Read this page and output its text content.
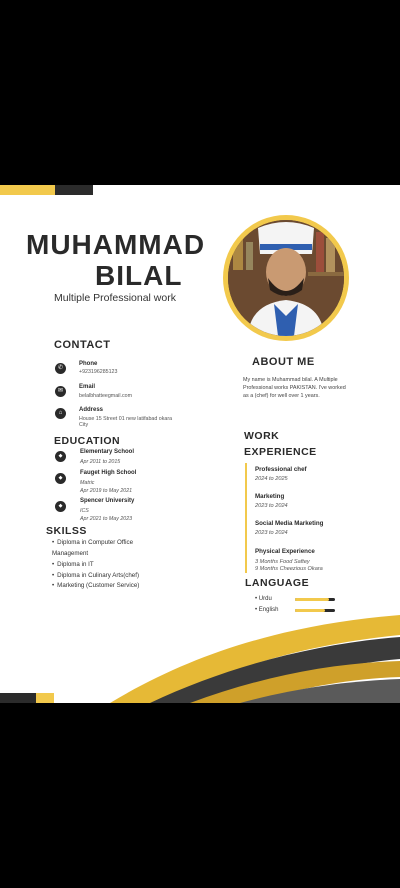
MUHAMMAD
BILAL
Multiple Professional work
CONTACT
✆
Phone
+923196285123
✉
Email
belalbhatteegmail.com
⌂	Address
House 15 Street 01 new latifabad okara City
EDUCATION
◆
Elementary School
Apr 2011 to 2015
◆
Fauget High School
Matric
Apr 2019 to May 2021
◆
Spencer University
ICS
Apr 2021 to May 2023
SKILSS
• Diploma in Computer Office Management
• Diploma in IT
• Diploma in Culinary Arts(chef)
• Marketing (Customer Service)
ABOUT ME
My name is Muhammad bilal. A Multiple Professional works PAKISTAN. I've worked as a (chef) for well over 1 years.
WORK EXPERIENCE
Professional chef
2024 to 2025
Marketing
2023 to 2024
Social Media Marketing
2023 to 2024
Physical Experience
3 Months Food Saftey
9 Months Cheezious Okara
LANGUAGE
• Urdu
• English
